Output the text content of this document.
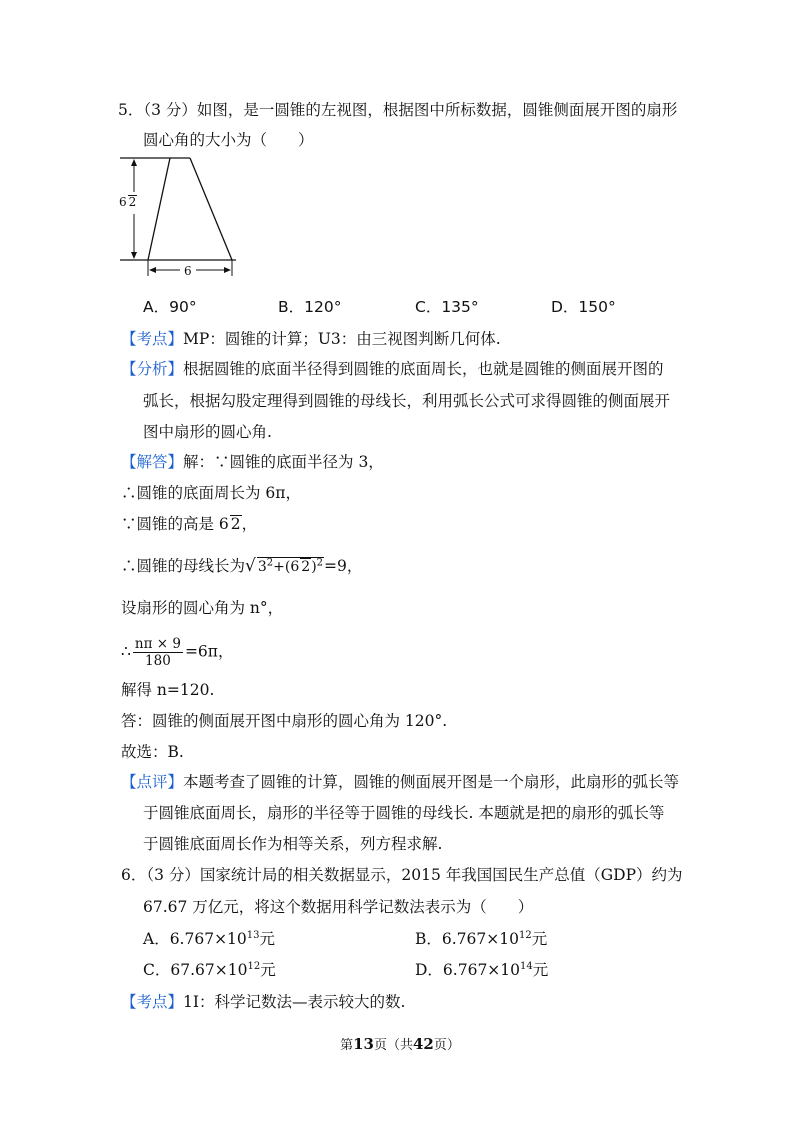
5．（3 分）如图，是一圆锥的左视图，根据图中所标数据，圆锥侧面展开图的扇形
圆心角的大小为（　　）
6 2
6
A．90°	B．120°	C．135°	D．150°
【考点】MP：圆锥的计算；U3：由三视图判断几何体.
【分析】根据圆锥的底面半径得到圆锥的底面周长，也就是圆锥的侧面展开图的
弧长，根据勾股定理得到圆锥的母线长，利用弧长公式可求得圆锥的侧面展开
图中扇形的圆心角.
【解答】解：∵圆锥的底面半径为 3，
∴圆锥的底面周长为 6π，
∵圆锥的高是 6 2，
∴圆锥的母线长为√ $3^2+(6$ 2)$^2$=9，
设扇形的圆心角为 n°，
∴ $\frac{n\pi \times 9}{180} =6\pi$，
解得 n=120.
答：圆锥的侧面展开图中扇形的圆心角为 120°.
故选：B.
【点评】本题考查了圆锥的计算，圆锥的侧面展开图是一个扇形，此扇形的弧长等
于圆锥底面周长，扇形的半径等于圆锥的母线长. 本题就是把的扇形的弧长等
于圆锥底面周长作为相等关系，列方程求解.
6．（3 分）国家统计局的相关数据显示，2015 年我国国民生产总值（GDP）约为
67.67 万亿元，将这个数据用科学记数法表示为（　　）
A．$6.767\times 10^{13}$元	B．$6.767\times 10^{12}$元
C．$67.67\times 10^{12}$元	D．$6.767\times 10^{14}$元
【考点】1I：科学记数法—表示较大的数.
第13页（共42页）
